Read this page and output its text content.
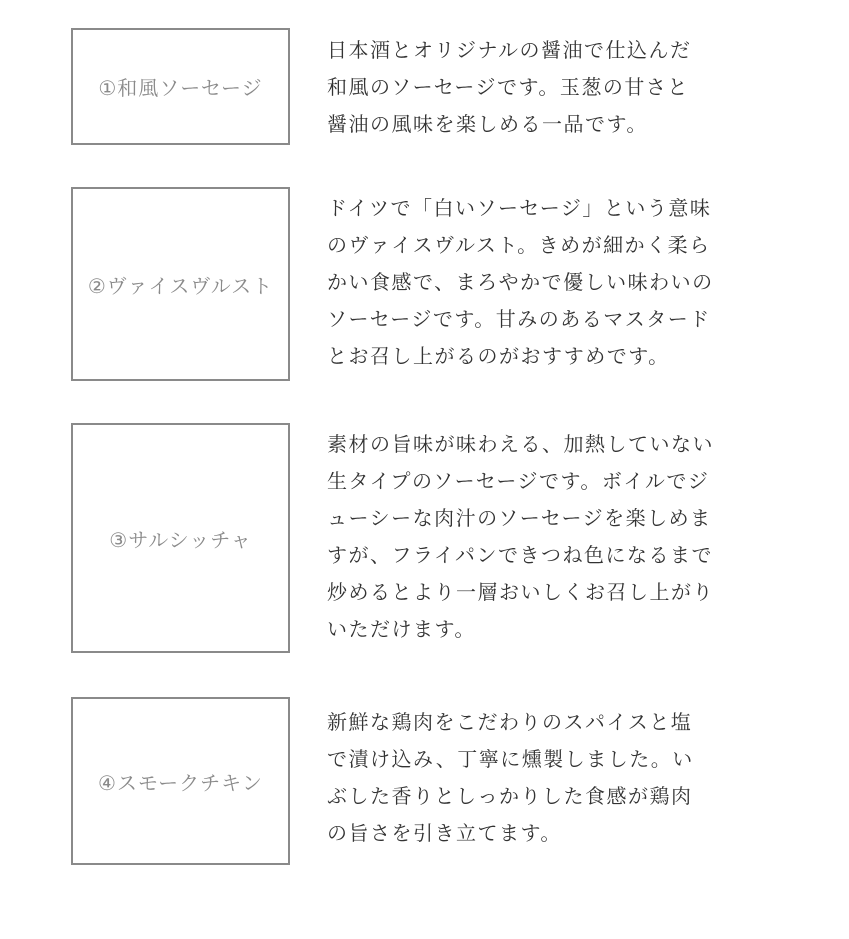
①和風ソーセージ
日本酒とオリジナルの醤油で仕込んだ
和風のソーセージです。玉葱の甘さと
醤油の風味を楽しめる一品です。
②ヴァイスヴルスト
ドイツで「白いソーセージ」という意味
のヴァイスヴルスト。きめが細かく柔ら
かい食感で、まろやかで優しい味わいの
ソーセージです。甘みのあるマスタード
とお召し上がるのがおすすめです。
③サルシッチャ
素材の旨味が味わえる、加熱していない
生タイプのソーセージです。ボイルでジ
ューシーな肉汁のソーセージを楽しめま
すが、フライパンできつね色になるまで
炒めるとより一層おいしくお召し上がり
いただけます。
④スモークチキン
新鮮な鶏肉をこだわりのスパイスと塩
で漬け込み、丁寧に燻製しました。い
ぶした香りとしっかりした食感が鶏肉
の旨さを引き立てます。
